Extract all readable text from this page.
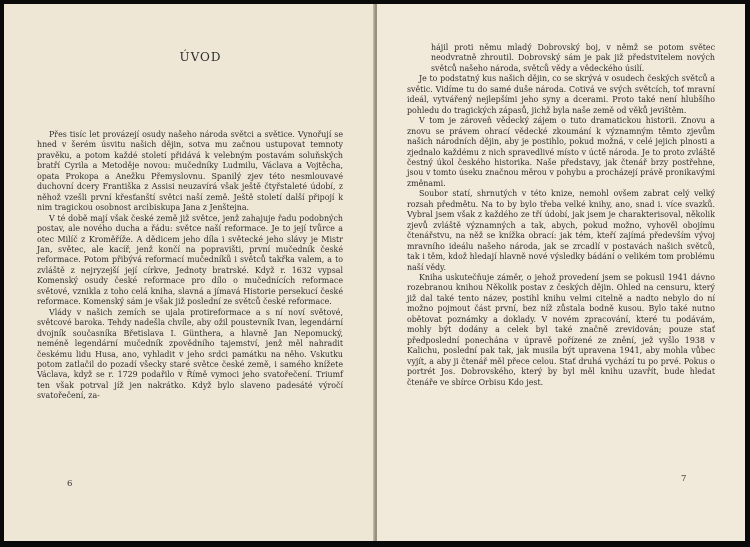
ÚVOD

Přes tisíc let provázejí osudy našeho národa světci a světice. Vynořují se hned v šerém úsvitu našich dějin, sotva mu začnou ustupovat temnoty pravěku, a potom každé století přidává k velebným postavám soluňských bratří Cyrila a Metoděje novou: mučedníky Ludmilu, Václava a Vojtěcha, opata Prokopa a Anežku Přemyslovnu. Spanilý zjev této nesmlouvavé duchovní dcery Františka z Assisi neuzavírá však ještě čtyřstaleté údobí, z něhož vzešli první křesťanští světci naší země. Ještě století další připojí k nim tragickou osobnost arcibiskupa Jana z Jenštejna.

V té době mají však české země již světce, jenž zahajuje řadu podobných postav, ale nového ducha a řádu: světce naší reformace. Je to její tvůrce a otec Milíč z Kroměříže. A dědicem jeho díla i světecké jeho slávy je Mistr Jan, světec, ale kacíř, jenž končí na popravišti, první mučedník české reformace. Potom přibývá reformací mučedníků i světců takřka valem, a to zvláště z nejryzejší její církve, Jednoty bratrské. Když r. 1632 vypsal Komenský osudy české reformace pro dílo o mučednících reformace světové, vznikla z toho celá kniha, slavná a jímavá Historie persekucí české reformace. Komenský sám je však již poslední ze světců české reformace.

Vlády v našich zemích se ujala protireformace a s ní noví světové, světcové baroka. Tehdy nadešla chvíle, aby ožil poustevník Ivan, legendární dvojník současníka Břetislava I. Günthera, a hlavně Jan Nepomucký, neméně legendární mučedník zpovědního tajemství, jenž měl nahradit českému lidu Husa, ano, vyhladit v jeho srdci památku na něho. Vskutku potom zatlačil do pozadí všecky staré světce české země, i samého knížete Václava, když se r. 1729 podařilo v Římě vymoci jeho svatořečení. Triumf ten však potrval jíž jen nakrátko. Když bylo slaveno padesáté výročí svatořečení, za-

6

hájil proti němu mladý Dobrovský boj, v němž se potom světec neodvratně zhroutil. Dobrovský sám je pak již předstvitelem nových světců našeho národa, světců vědy a vědeckého úsilí.

Je to podstatný kus našich dějin, co se skrývá v osudech českých světců a světic. Vidíme tu do samé duše národa. Cotivá ve svých světcích, toť mravní ideál, vytvářený nejlepšími jeho syny a dcerami. Proto také není hlubšího pohledu do tragických zápasů, jichž byla naše země od věků jevištěm.

V tom je zároveň vědecký zájem o tuto dramatickou historii. Znovu a znovu se právem ohrací vědecké zkoumání k významným těmto zjevům našich národních dějin, aby je postihlo, pokud možná, v celé jejich plnosti a zjednalo každému z nich spravedlivé místo v úctě národa. Je to proto zvláště čestný úkol českého historika. Naše představy, jak čtenář brzy postřehne, jsou v tomto úseku značnou měrou v pohybu a procházejí právě pronikavými změnami.

Soubor statí, shrnutých v této knize, nemohl ovšem zabrat celý velký rozsah předmětu. Na to by bylo třeba velké knihy, ano, snad i. více svazků. Vybral jsem však z každého ze tří údobí, jak jsem je charakterisoval, několik zjevů zvláště významných a tak, abych, pokud možno, vyhověl obojímu čtenářstvu, na něž se knížka obrací: jak tém, kteří zajímá především vývoj mravního ideálu našeho národa, jak se zrcadlí v postavách našich světců, tak i těm, kdož hledají hlavně nové výsledky bádání o velikém tom problému naší vědy.

Kniha uskutečňuje záměr, o jehož provedení jsem se pokusil 1941 dávno rozebranou knihou Několik postav z českých dějin. Ohled na censuru, který již dal také tento název, postihl knihu velmi citelně a nadto nebylo do ní možno pojmout část první, bez níž zůstala bodně kusou. Bylo také nutno obětovat poznámky a doklady. V novém zpracování, které tu podávám, mohly být dodány a celek byl také značně zrevidován; pouze stať předposlední ponechána v úpravě pořízené ze znění, jež vyšlo 1938 v Kalichu, poslední pak tak, jak musila být upravena 1941, aby mohla vůbec vyjít, a aby ji čtenář měl přece celou. Stať druhá vychází tu po prvé. Pokus o portrét Jos. Dobrovského, který by byl měl knihu uzavřít, bude hledat čtenáře ve sbírce Orbisu Kdo jest.

7
